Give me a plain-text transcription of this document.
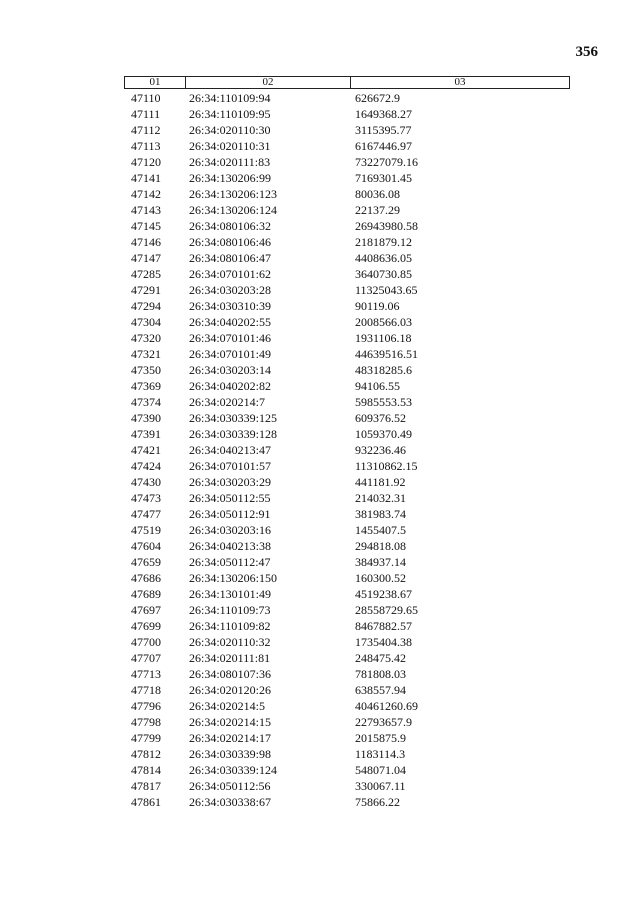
356
01	02	03
47110	26:34:110109:94	626672.9
47111	26:34:110109:95	1649368.27
47112	26:34:020110:30	3115395.77
47113	26:34:020110:31	6167446.97
47120	26:34:020111:83	73227079.16
47141	26:34:130206:99	7169301.45
47142	26:34:130206:123	80036.08
47143	26:34:130206:124	22137.29
47145	26:34:080106:32	26943980.58
47146	26:34:080106:46	2181879.12
47147	26:34:080106:47	4408636.05
47285	26:34:070101:62	3640730.85
47291	26:34:030203:28	11325043.65
47294	26:34:030310:39	90119.06
47304	26:34:040202:55	2008566.03
47320	26:34:070101:46	1931106.18
47321	26:34:070101:49	44639516.51
47350	26:34:030203:14	48318285.6
47369	26:34:040202:82	94106.55
47374	26:34:020214:7	5985553.53
47390	26:34:030339:125	609376.52
47391	26:34:030339:128	1059370.49
47421	26:34:040213:47	932236.46
47424	26:34:070101:57	11310862.15
47430	26:34:030203:29	441181.92
47473	26:34:050112:55	214032.31
47477	26:34:050112:91	381983.74
47519	26:34:030203:16	1455407.5
47604	26:34:040213:38	294818.08
47659	26:34:050112:47	384937.14
47686	26:34:130206:150	160300.52
47689	26:34:130101:49	4519238.67
47697	26:34:110109:73	28558729.65
47699	26:34:110109:82	8467882.57
47700	26:34:020110:32	1735404.38
47707	26:34:020111:81	248475.42
47713	26:34:080107:36	781808.03
47718	26:34:020120:26	638557.94
47796	26:34:020214:5	40461260.69
47798	26:34:020214:15	22793657.9
47799	26:34:020214:17	2015875.9
47812	26:34:030339:98	1183114.3
47814	26:34:030339:124	548071.04
47817	26:34:050112:56	330067.11
47861	26:34:030338:67	75866.22
